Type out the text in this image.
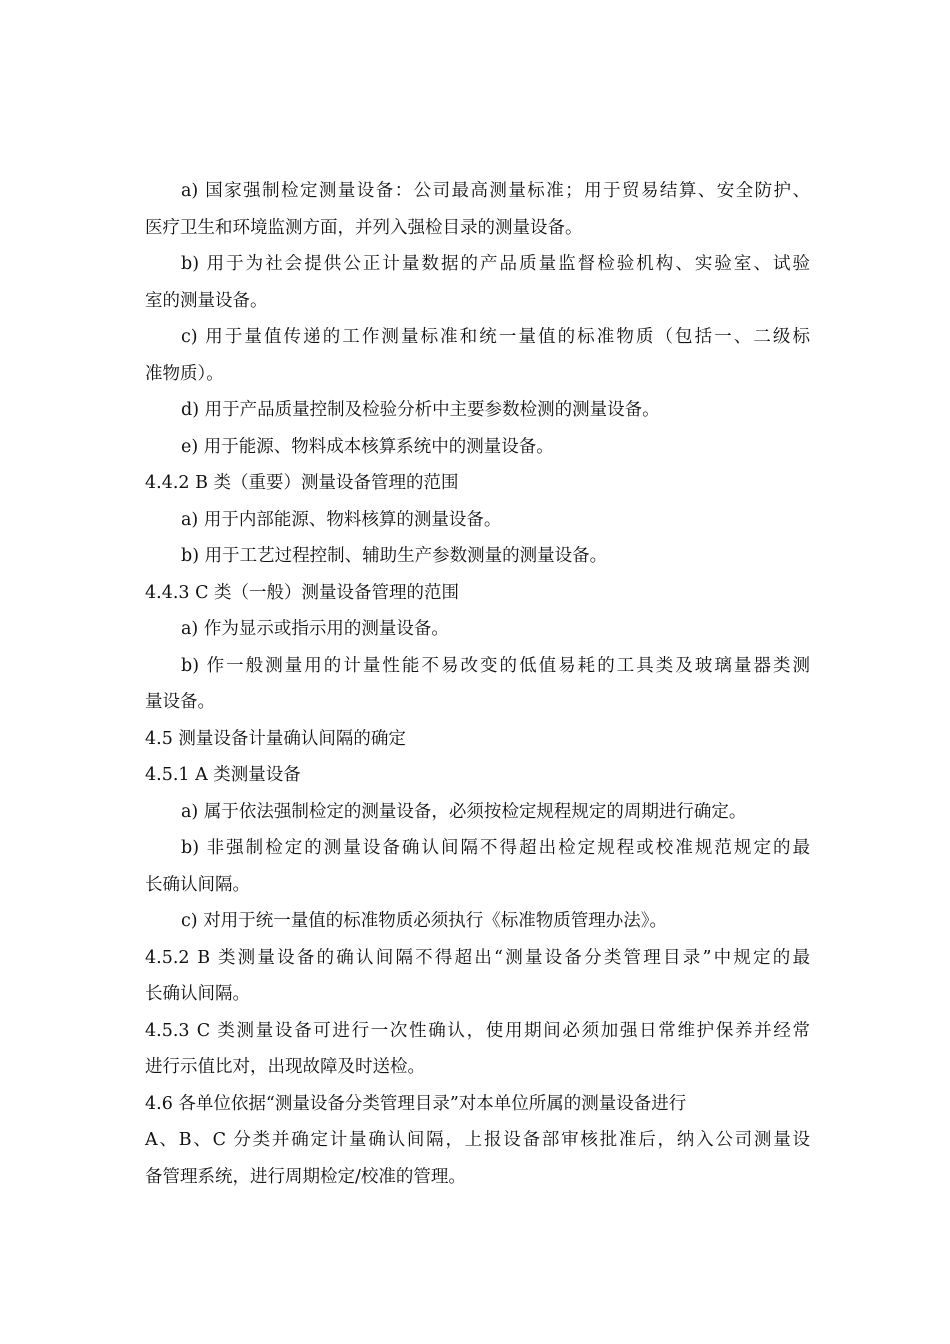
a) 国家强制检定测量设备：公司最高测量标准；用于贸易结算、安全防护、
医疗卫生和环境监测方面，并列入强检目录的测量设备。
b) 用于为社会提供公正计量数据的产品质量监督检验机构、实验室、试验
室的测量设备。
c) 用于量值传递的工作测量标准和统一量值的标准物质（包括一、二级标
准物质）。
d) 用于产品质量控制及检验分析中主要参数检测的测量设备。
e) 用于能源、物料成本核算系统中的测量设备。
4.4.2 B 类（重要）测量设备管理的范围
a) 用于内部能源、物料核算的测量设备。
b) 用于工艺过程控制、辅助生产参数测量的测量设备。
4.4.3 C 类（一般）测量设备管理的范围
a) 作为显示或指示用的测量设备。
b) 作一般测量用的计量性能不易改变的低值易耗的工具类及玻璃量器类测
量设备。
4.5 测量设备计量确认间隔的确定
4.5.1 A 类测量设备
a) 属于依法强制检定的测量设备，必须按检定规程规定的周期进行确定。
b) 非强制检定的测量设备确认间隔不得超出检定规程或校准规范规定的最
长确认间隔。
c) 对用于统一量值的标准物质必须执行《标准物质管理办法》。
4.5.2 B 类测量设备的确认间隔不得超出“测量设备分类管理目录”中规定的最
长确认间隔。
4.5.3 C 类测量设备可进行一次性确认，使用期间必须加强日常维护保养并经常
进行示值比对，出现故障及时送检。
4.6 各单位依据“测量设备分类管理目录”对本单位所属的测量设备进行
A、B、C 分类并确定计量确认间隔，上报设备部审核批准后，纳入公司测量设
备管理系统，进行周期检定/校准的管理。
